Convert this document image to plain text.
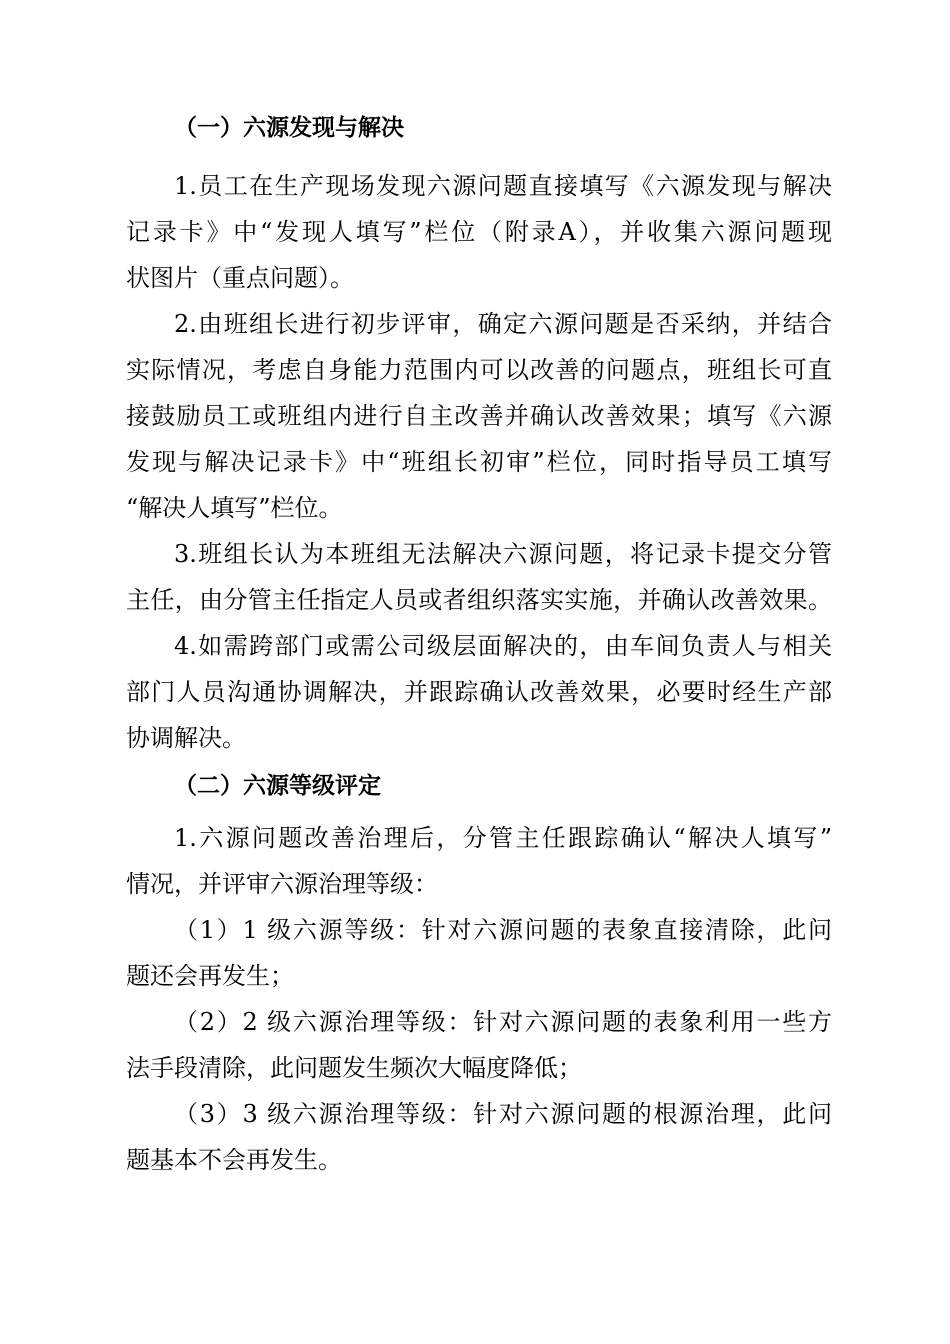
（一）六源发现与解决
1.员工在生产现场发现六源问题直接填写《六源发现与解决
记录卡》中“发现人填写”栏位（附录A），并收集六源问题现
状图片（重点问题）。
2.由班组长进行初步评审，确定六源问题是否采纳，并结合
实际情况，考虑自身能力范围内可以改善的问题点，班组长可直
接鼓励员工或班组内进行自主改善并确认改善效果；填写《六源
发现与解决记录卡》中“班组长初审”栏位，同时指导员工填写
“解决人填写”栏位。
3.班组长认为本班组无法解决六源问题，将记录卡提交分管
主任，由分管主任指定人员或者组织落实实施，并确认改善效果。
4.如需跨部门或需公司级层面解决的，由车间负责人与相关
部门人员沟通协调解决，并跟踪确认改善效果，必要时经生产部
协调解决。
（二）六源等级评定
1.六源问题改善治理后，分管主任跟踪确认“解决人填写”
情况，并评审六源治理等级：
（1）1 级六源等级：针对六源问题的表象直接清除，此问
题还会再发生；
（2）2 级六源治理等级：针对六源问题的表象利用一些方
法手段清除，此问题发生频次大幅度降低；
（3）3 级六源治理等级：针对六源问题的根源治理，此问
题基本不会再发生。
